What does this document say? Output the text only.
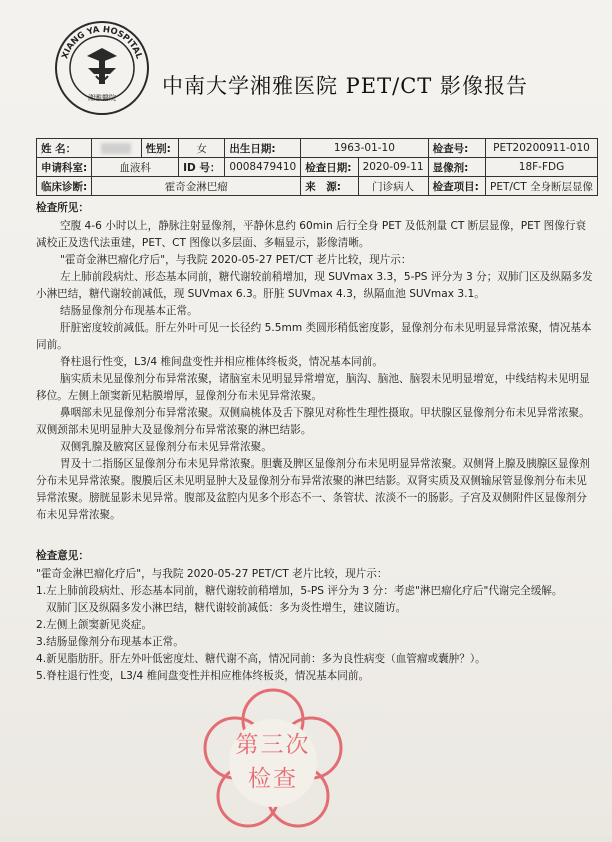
XIANG YA HOSPITAL
湘雅醫院 中南大学湘雅医院 PET/CT 影像报告
姓 名：		性别:	女	出生日期:	1963-01-10		检查号:	PET20200911-010
申请科室:	血液科		ID 号：	0008479410	检查日期:	2020-09-11	显像剂:	18F-FDG
临床诊断:	霍奇金淋巴瘤				来　源:	门诊病人	检查项目:	PET/CT 全身断层显像

检查所见：

空腹 4-6 小时以上，静脉注射显像剂，平静休息约 60min 后行全身 PET 及低剂量 CT 断层显像，PET 图像行衰减校正及迭代法重建，PET、CT 图像以多层面、多幅显示，影像清晰。

"霍奇金淋巴瘤化疗后"，与我院 2020-05-27 PET/CT 老片比较，现片示：

左上肺前段病灶、形态基本同前，糖代谢较前稍增加，现 SUVmax 3.3，5-PS 评分为 3 分；双肺门区及纵隔多发小淋巴结，糖代谢较前减低，现 SUVmax 6.3。肝脏 SUVmax 4.3，纵隔血池 SUVmax 3.1。

结肠显像剂分布现基本正常。

肝脏密度较前减低。肝左外叶可见一长径约 5.5mm 类圆形稍低密度影，显像剂分布未见明显异常浓聚，情况基本同前。

脊柱退行性变，L3/4 椎间盘变性并相应椎体终板炎，情况基本同前。

脑实质未见显像剂分布异常浓聚，诸脑室未见明显异常增宽，脑沟、脑池、脑裂未见明显增宽，中线结构未见明显移位。左侧上颌窦新见粘膜增厚，显像剂分布未见异常浓聚。

鼻咽部未见显像剂分布异常浓聚。双侧扁桃体及舌下腺见对称性生理性摄取。甲状腺区显像剂分布未见异常浓聚。双侧颈部未见明显肿大及显像剂分布异常浓聚的淋巴结影。

双侧乳腺及腋窝区显像剂分布未见异常浓聚。

胃及十二指肠区显像剂分布未见异常浓聚。胆囊及脾区显像剂分布未见明显异常浓聚。双侧肾上腺及胰腺区显像剂分布未见异常浓聚。腹膜后区未见明显肿大及显像剂分布异常浓聚的淋巴结影。双肾实质及双侧输尿管显像剂分布未见异常浓聚。膀胱显影未见异常。腹部及盆腔内见多个形态不一、条管状、浓淡不一的肠影。子宫及双侧附件区显像剂分布未见异常浓聚。

检查意见：

"霍奇金淋巴瘤化疗后"，与我院 2020-05-27 PET/CT 老片比较，现片示：

1.左上肺前段病灶、形态基本同前，糖代谢较前稍增加，5-PS 评分为 3 分：考虑"淋巴瘤化疗后"代谢完全缓解。

双肺门区及纵隔多发小淋巴结，糖代谢较前减低：多为炎性增生，建议随访。

2.左侧上颌窦新见炎症。

3.结肠显像剂分布现基本正常。

4.新见脂肪肝。肝左外叶低密度灶、糖代谢不高，情况同前：多为良性病变（血管瘤或囊肿？）。

5.脊柱退行性变，L3/4 椎间盘变性并相应椎体终板炎，情况基本同前。

第三次
检查
